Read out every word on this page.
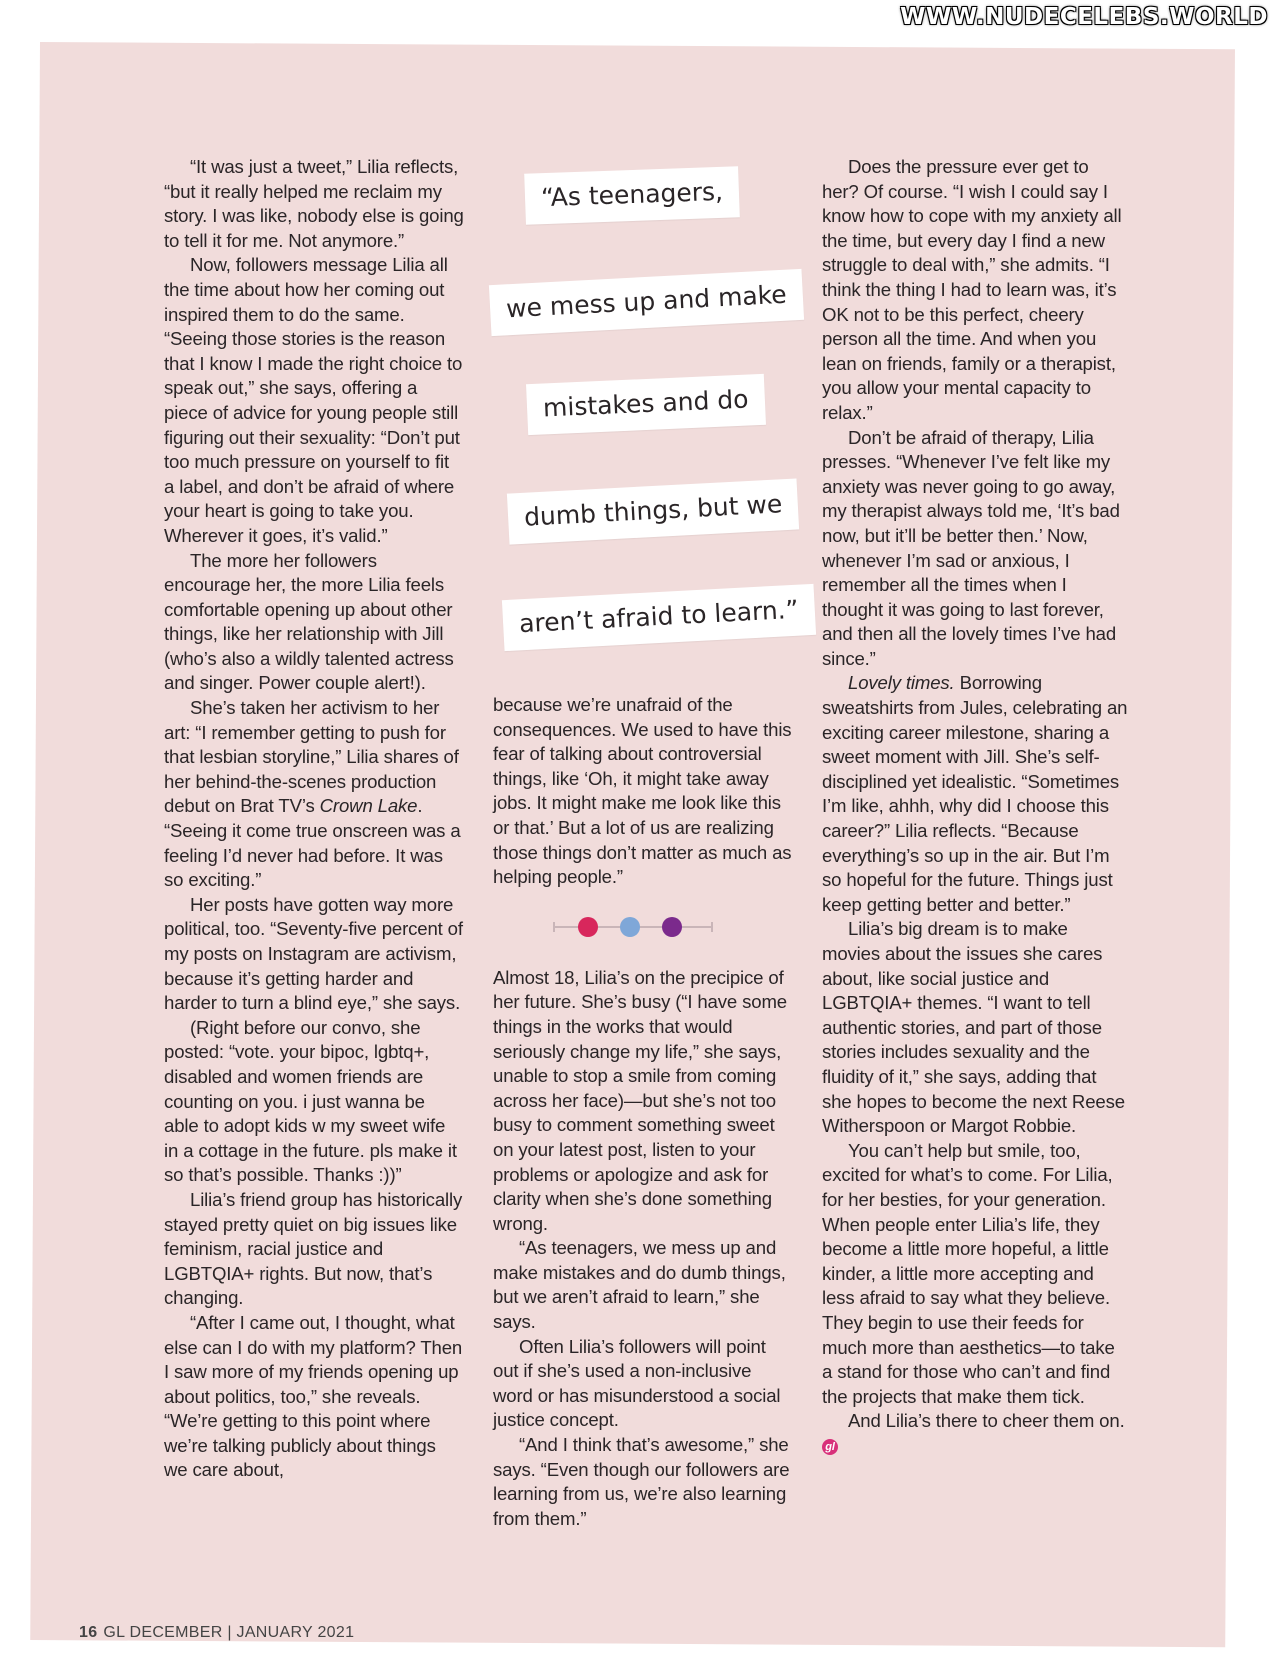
WWW.NUDECELEBS.WORLD

“It was just a tweet,” Lilia reflects, “but it really helped me reclaim my story. I was like, nobody else is going to tell it for me. Not anymore.”

Now, followers message Lilia all the time about how her coming out inspired them to do the same. “Seeing those stories is the reason that I know I made the right choice to speak out,” she says, offering a piece of advice for young people still figuring out their sexuality: “Don’t put too much pressure on yourself to fit a label, and don’t be afraid of where your heart is going to take you. Wherever it goes, it’s valid.”

The more her followers encourage her, the more Lilia feels comfortable opening up about other things, like her relationship with Jill (who’s also a wildly talented actress and singer. Power couple alert!).

She’s taken her activism to her art: “I remember getting to push for that lesbian storyline,” Lilia shares of her behind-the-scenes production debut on Brat TV’s Crown Lake. “Seeing it come true onscreen was a feeling I’d never had before. It was so exciting.”

Her posts have gotten way more political, too. “Seventy-five percent of my posts on Instagram are activism, because it’s getting harder and harder to turn a blind eye,” she says.

(Right before our convo, she posted: “vote. your bipoc, lgbtq+, disabled and women friends are counting on you. i just wanna be able to adopt kids w my sweet wife in a cottage in the future. pls make it so that’s possible. Thanks :))”

Lilia’s friend group has historically stayed pretty quiet on big issues like feminism, racial justice and LGBTQIA+ rights. But now, that’s changing.

“After I came out, I thought, what else can I do with my platform? Then I saw more of my friends opening up about politics, too,” she reveals. “We’re getting to this point where we’re talking publicly about things we care about,

“As teenagers,
we mess up and make
mistakes and do
dumb things, but we
aren’t afraid to learn.”

because we’re unafraid of the consequences. We used to have this fear of talking about controversial things, like ‘Oh, it might take away jobs. It might make me look like this or that.’ But a lot of us are realizing those things don’t matter as much as helping people.”

Almost 18, Lilia’s on the precipice of her future. She’s busy (“I have some things in the works that would seriously change my life,” she says, unable to stop a smile from coming across her face)—but she’s not too busy to comment something sweet on your latest post, listen to your problems or apologize and ask for clarity when she’s done something wrong.

“As teenagers, we mess up and make mistakes and do dumb things, but we aren’t afraid to learn,” she says.

Often Lilia’s followers will point out if she’s used a non-inclusive word or has misunderstood a social justice concept.

“And I think that’s awesome,” she says. “Even though our followers are learning from us, we’re also learning from them.”

Does the pressure ever get to her? Of course. “I wish I could say I know how to cope with my anxiety all the time, but every day I find a new struggle to deal with,” she admits. “I think the thing I had to learn was, it’s OK not to be this perfect, cheery person all the time. And when you lean on friends, family or a therapist, you allow your mental capacity to relax.”

Don’t be afraid of therapy, Lilia presses. “Whenever I’ve felt like my anxiety was never going to go away, my therapist always told me, ‘It’s bad now, but it’ll be better then.’ Now, whenever I’m sad or anxious, I remember all the times when I thought it was going to last forever, and then all the lovely times I’ve had since.”

Lovely times. Borrowing sweatshirts from Jules, celebrating an exciting career milestone, sharing a sweet moment with Jill. She’s self-disciplined yet idealistic. “Sometimes I’m like, ahhh, why did I choose this career?” Lilia reflects. “Because everything’s so up in the air. But I’m so hopeful for the future. Things just keep getting better and better.”

Lilia’s big dream is to make movies about the issues she cares about, like social justice and LGBTQIA+ themes. “I want to tell authentic stories, and part of those stories includes sexuality and the fluidity of it,” she says, adding that she hopes to become the next Reese Witherspoon or Margot Robbie.

You can’t help but smile, too, excited for what’s to come. For Lilia, for her besties, for your generation. When people enter Lilia’s life, they become a little more hopeful, a little kinder, a little more accepting and less afraid to say what they believe. They begin to use their feeds for much more than aesthetics—to take a stand for those who can’t and find the projects that make them tick.

And Lilia’s there to cheer them on. gl

16 GL DECEMBER | JANUARY 2021
